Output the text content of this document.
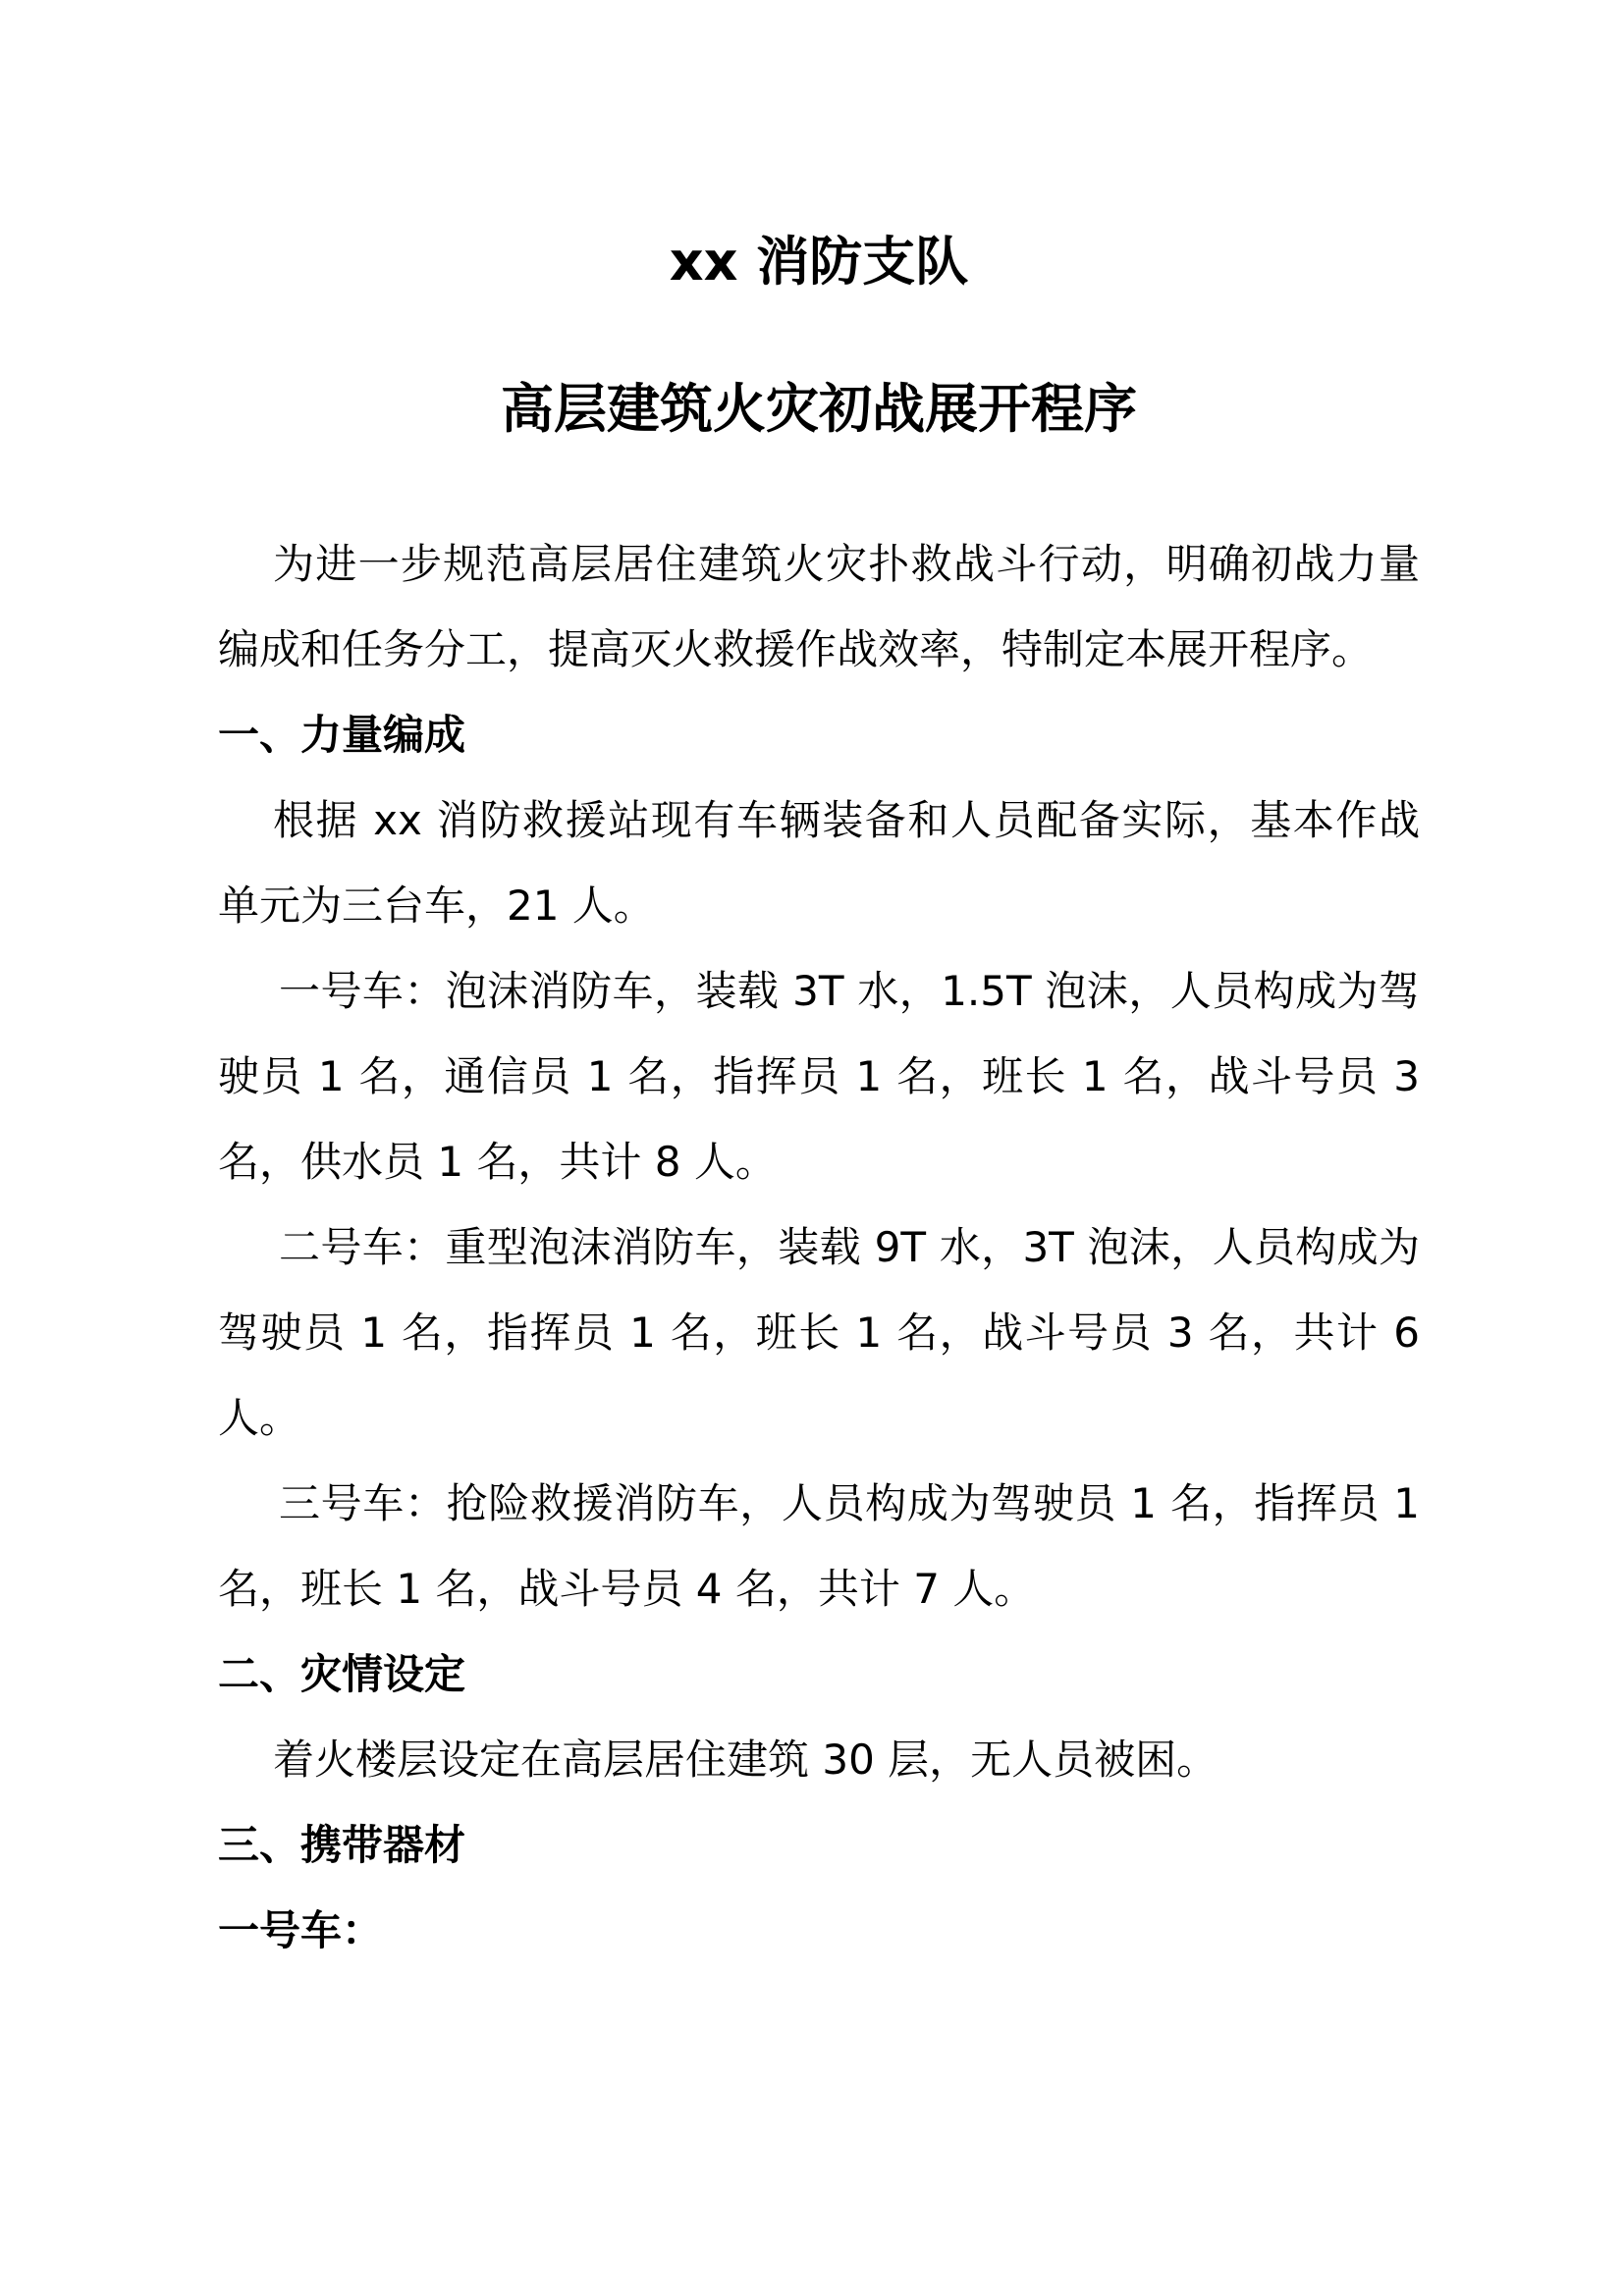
xx 消防支队
高层建筑火灾初战展开程序

为进一步规范高层居住建筑火灾扑救战斗行动，明确初战力量编成和任务分工，提高灭火救援作战效率，特制定本展开程序。

一、力量编成

根据 xx 消防救援站现有车辆装备和人员配备实际，基本作战单元为三台车，21 人。

一号车：泡沫消防车，装载 3T 水，1.5T 泡沫，人员构成为驾驶员 1 名，通信员 1 名，指挥员 1 名，班长 1 名，战斗号员 3 名，供水员 1 名，共计 8 人。

二号车：重型泡沫消防车，装载 9T 水，3T 泡沫，人员构成为驾驶员 1 名，指挥员 1 名，班长 1 名，战斗号员 3 名，共计 6 人。

三号车：抢险救援消防车，人员构成为驾驶员 1 名，指挥员 1 名，班长 1 名，战斗号员 4 名，共计 7 人。

二、灾情设定

着火楼层设定在高层居住建筑 30 层，无人员被困。

三、携带器材

一号车：
